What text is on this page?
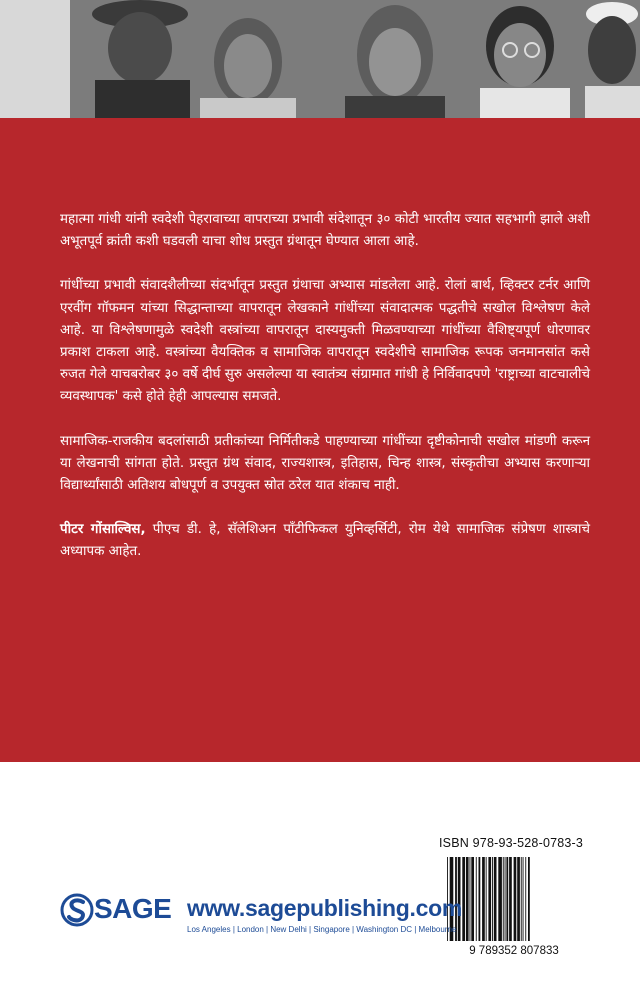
महात्मा गांधी यांनी स्वदेशी पेहरावाच्या वापराच्या प्रभावी संदेशातून ३० कोटी भारतीय ज्यात सहभागी झाले अशी अभूतपूर्व क्रांती कशी घडवली याचा शोध प्रस्तुत ग्रंथातून घेण्यात आला आहे.

गांधींच्या प्रभावी संवादशैलीच्या संदर्भातून प्रस्तुत ग्रंथाचा अभ्यास मांडलेला आहे. रोलां बार्थ, व्हिक्टर टर्नर आणि एरवींग गॉफमन यांच्या सिद्धान्ताच्या वापरातून लेखकाने गांधींच्या संवादात्मक पद्धतीचे सखोल विश्लेषण केले आहे. या विश्लेषणामुळे स्वदेशी वस्त्रांच्या वापरातून दास्यमुक्ती मिळवण्याच्या गांधींच्या वैशिष्ट्यपूर्ण धोरणावर प्रकाश टाकला आहे. वस्त्रांच्या वैयक्तिक व सामाजिक वापरातून स्वदेशीचे सामाजिक रूपक जनमानसांत कसे रुजत गेले याचबरोबर ३० वर्षे दीर्घ सुरु असलेल्या या स्वातंत्र्य संग्रामात गांधी हे निर्विवादपणे 'राष्ट्राच्या वाटचालीचे व्यवस्थापक' कसे होते हेही आपल्यास समजते.

सामाजिक-राजकीय बदलांसाठी प्रतीकांच्या निर्मितीकडे पाहण्याच्या गांधींच्या दृष्टीकोनाची सखोल मांडणी करून या लेखनाची सांगता होते. प्रस्तुत ग्रंथ संवाद, राज्यशास्त्र, इतिहास, चिन्ह शास्त्र, संस्कृतीचा अभ्यास करणाऱ्या विद्यार्थ्यांसाठी अतिशय बोधपूर्ण व उपयुक्त स्रोत ठरेल यात शंकाच नाही.

पीटर गोंसाल्विस, पीएच डी. हे, सॅलेशिअन पाँटीफिकल युनिव्हर्सिटी, रोम येथे सामाजिक संप्रेषण शास्त्राचे अध्यापक आहेत.

ISBN 978-93-528-0783-3
9 789352 807833
SAGE www.sagepublishing.com
Los Angeles | London | New Delhi | Singapore | Washington DC | Melbourne
